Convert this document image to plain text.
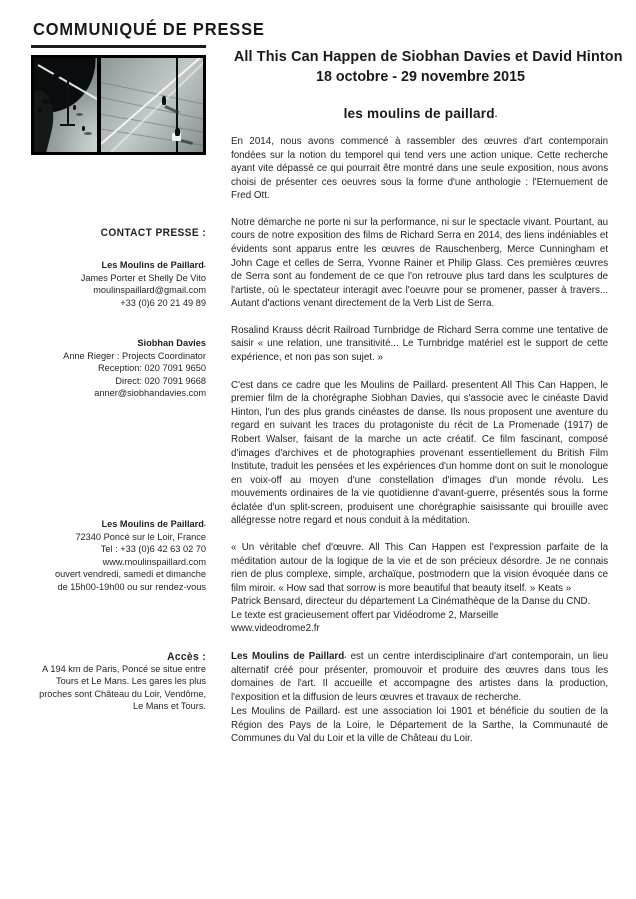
COMMUNIQUÉ DE PRESSE
CONTACT PRESSE :
Les Moulins de Paillard.
James Porter et Shelly De Vito
moulinspaillard@gmail.com
+33 (0)6 20 21 49 89
Siobhan Davies
Anne Rieger : Projects Coordinator
Reception: 020 7091 9650
Direct: 020 7091 9668
anner@siobhandavies.com
Les Moulins de Paillard.
72340 Poncé sur le Loir, France
Tel : +33 (0)6 42 63 02 70
www.moulinspaillard.com
ouvert vendredi, samedi et dimanche
de 15h00-19h00 ou sur rendez-vous
Accès :
A 194 km de Paris, Poncé se situe entre Tours et Le Mans. Les gares les plus proches sont Château du Loir, Vendôme, Le Mans et Tours.
All This Can Happen de Siobhan Davies et David Hinton
18 octobre - 29 novembre 2015
les moulins de paillard.

En 2014, nous avons commencé à rassembler des œuvres d'art contemporain fondées sur la notion du temporel qui tend vers une action unique. Cette recherche ayant vite dépassé ce qui pourrait être montré dans une seule exposition, nous avons choisi de présenter ces oeuvres sous la forme d'une anthologie : l'Eternuement de Fred Ott.

Notre démarche ne porte ni sur la performance, ni sur le spectacle vivant. Pourtant, au cours de notre exposition des films de Richard Serra en 2014, des liens indéniables et évidents sont apparus entre les œuvres de Rauschenberg, Merce Cunningham et John Cage et celles de Serra, Yvonne Rainer et Philip Glass. Ces premières œuvres de Serra sont au fondement de ce que l'on retrouve plus tard dans les sculptures de l'artiste, où le spectateur interagit avec l'oeuvre pour se promener, passer à travers... Autant d'actions venant directement de la Verb List de Serra.

Rosalind Krauss décrit Railroad Turnbridge de Richard Serra comme une tentative de saisir « une relation, une transitivité... Le Turnbridge matériel est le support de cette expérience, et non pas son sujet. »

C'est dans ce cadre que les Moulins de Paillard. presentent All This Can Happen, le premier film de la chorégraphe Siobhan Davies, qui s'associe avec le cinéaste David Hinton, l'un des plus grands cinéastes de danse. Ils nous proposent une aventure du regard en suivant les traces du protagoniste du récit de La Promenade (1917) de Robert Walser, faisant de la marche un acte créatif. Ce film fascinant, composé d'images d'archives et de photographies provenant essentiellement du British Film Institute, traduit les pensées et les expériences d'un homme dont on suit le monologue en voix-off au moyen d'une constellation d'images d'un monde révolu. Les mouvements ordinaires de la vie quotidienne d'avant-guerre, présentés sous la forme éclatée d'un split-screen, produisent une chorégraphie saisissante qui brouille avec allégresse notre regard et nous conduit à la méditation.

« Un véritable chef d'œuvre. All This Can Happen est l'expression parfaite de la méditation autour de la logique de la vie et de son précieux désordre. Je ne connais rien de plus complexe, simple, archaïque, postmodern que la vision évoquée dans ce film miroir. « How sad that sorrow is more beautiful that beauty itself. » Keats »

Patrick Bensard, directeur du département La Cinémathèque de la Danse du CND.

Le texte est gracieusement offert par Vidéodrome 2, Marseille

www.videodrome2.fr

Les Moulins de Paillard. est un centre interdisciplinaire d'art contemporain, un lieu alternatif créé pour présenter, promouvoir et produire des œuvres dans tous les domaines de l'art. Il accueille et accompagne des artistes dans la production, l'exposition et la diffusion de leurs œuvres et travaux de recherche.

Les Moulins de Paillard. est une association loi 1901 et bénéficie du soutien de la Région des Pays de la Loire, le Département de la Sarthe, la Communauté de Communes du Val du Loir et la ville de Château du Loir.
